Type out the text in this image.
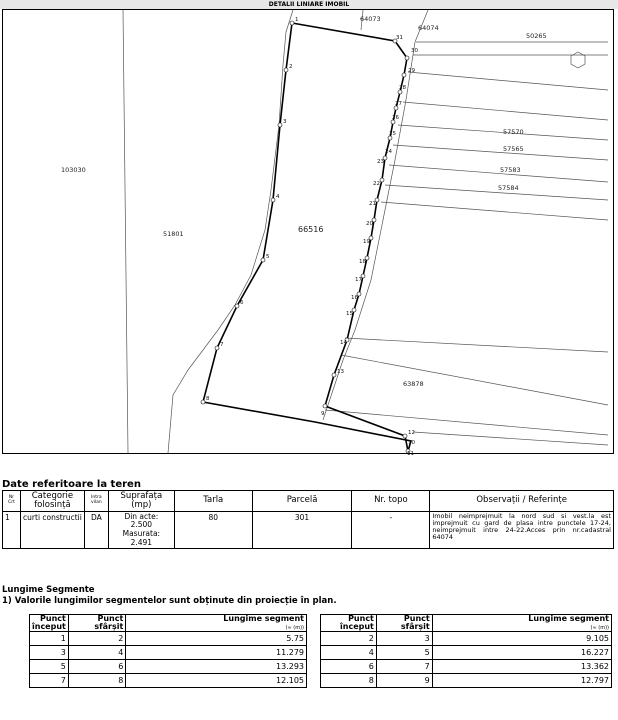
DETALII LINIARE IMOBIL
64073
64074
50265
103030
51801	66516
57570
57565
57583
57584
63878
1
2
3
4
5
6
7
8
9
10
11
12
13
14
15
16
17
18
19
20
21
22
23
24
25
26
27
28
29
30
31
Date referitoare la teren
Nr Crt	Categorie folosință	Intra vilan	Suprafața (mp)	Tarla	Parcelă	Nr. topo	Observații / Referințe
1	curti constructii	DA	Din acte:
2.500
Masurata:
2.491	80	301	-	Imobil neimprejmuit la nord sud si vest.la est imprejmuit cu gard de plasa intre punctele 17-24, neimprejmuit intre 24-22.Acces prin nr.cadastral 64074
Lungime Segmente
1) Valorile lungimilor segmentelor sunt obținute din proiecție în plan.
Punct început	Punct sfârșit	Lungime segment
(≈ (m))
1	2	5.75
3	4	11.279
5	6	13.293
7	8	12.105
Punct început	Punct sfârșit	Lungime segment
(≈ (m))
2	3	9.105
4	5	16.227
6	7	13.362
8	9	12.797
